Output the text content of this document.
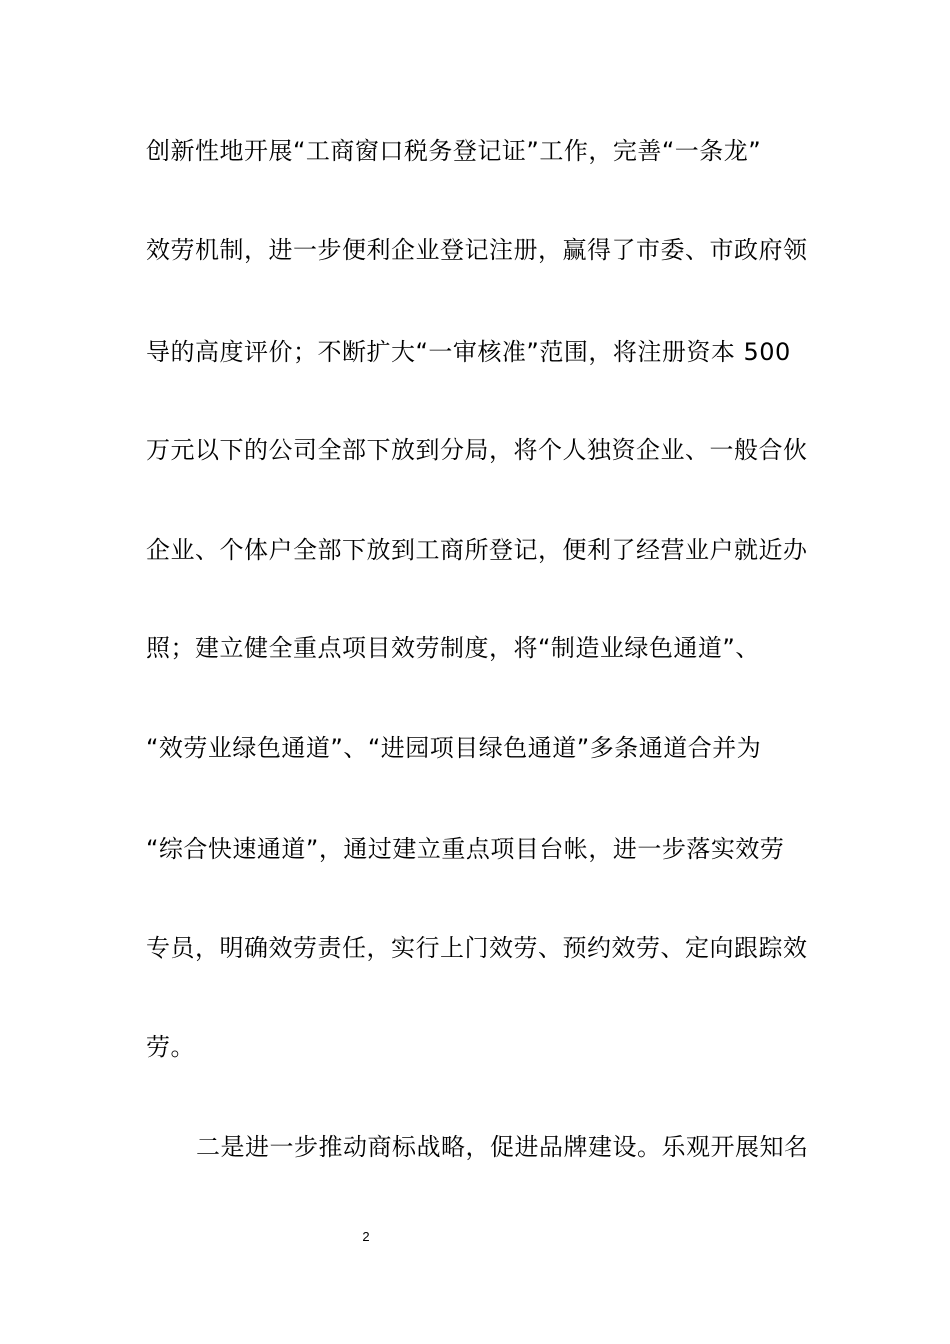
创新性地开展“工商窗口税务登记证”工作，完善“一条龙”
效劳机制，进一步便利企业登记注册，赢得了市委、市政府领
导的高度评价；不断扩大“一审核准”范围，将注册资本 500
万元以下的公司全部下放到分局，将个人独资企业、一般合伙
企业、个体户全部下放到工商所登记，便利了经营业户就近办
照；建立健全重点项目效劳制度，将“制造业绿色通道”、
“效劳业绿色通道”、“进园项目绿色通道”多条通道合并为
“综合快速通道”，通过建立重点项目台帐，进一步落实效劳
专员，明确效劳责任，实行上门效劳、预约效劳、定向跟踪效
劳。
二是进一步推动商标战略，促进品牌建设。乐观开展知名
2
